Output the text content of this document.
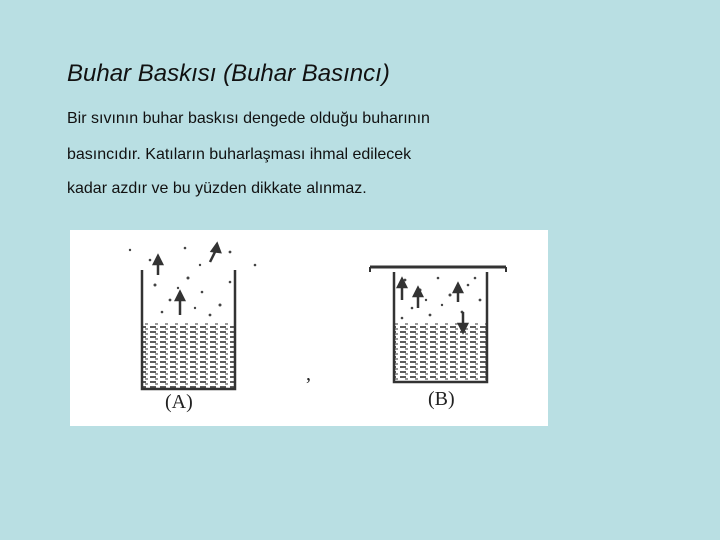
Buhar Baskısı (Buhar Basıncı)
Bir sıvının buhar baskısı dengede olduğu buharının
basıncıdır. Katıların buharlaşması ihmal edilecek
kadar azdır ve bu yüzden dikkate alınmaz.
(A)
,
(B)
